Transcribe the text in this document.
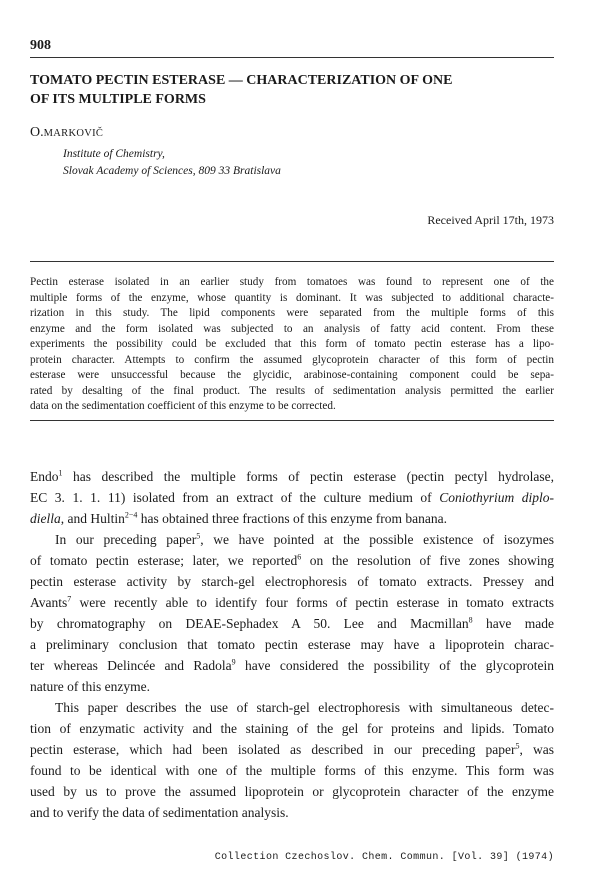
908
TOMATO PECTIN ESTERASE — CHARACTERIZATION OF ONE
OF ITS MULTIPLE FORMS
O.MARKOVIČ
Institute of Chemistry,
Slovak Academy of Sciences, 809 33 Bratislava
Received April 17th, 1973

Pectin esterase isolated in an earlier study from tomatoes was found to represent one of the
multiple forms of the enzyme, whose quantity is dominant. It was subjected to additional characte-
rization in this study. The lipid components were separated from the multiple forms of this
enzyme and the form isolated was subjected to an analysis of fatty acid content. From these
experiments the possibility could be excluded that this form of tomato pectin esterase has a lipo-
protein character. Attempts to confirm the assumed glycoprotein character of this form of pectin
esterase were unsuccessful because the glycidic, arabinose-containing component could be sepa-
rated by desalting of the final product. The results of sedimentation analysis permitted the earlier
data on the sedimentation coefficient of this enzyme to be corrected.

Endo$^1$ has described the multiple forms of pectin esterase (pectin pectyl hydrolase,
EC 3. 1. 1. 11) isolated from an extract of the culture medium of Coniothyrium diplo-
diella, and Hultin$^{2-4}$ has obtained three fractions of this enzyme from banana.
In our preceding paper$^5$, we have pointed at the possible existence of isozymes
of tomato pectin esterase; later, we reported$^6$ on the resolution of five zones showing
pectin esterase activity by starch-gel electrophoresis of tomato extracts. Pressey and
Avants$^7$ were recently able to identify four forms of pectin esterase in tomato extracts
by chromatography on DEAE-Sephadex A 50. Lee and Macmillan$^8$ have made
a preliminary conclusion that tomato pectin esterase may have a lipoprotein charac-
ter whereas Delincée and Radola$^9$ have considered the possibility of the glycoprotein
nature of this enzyme.
This paper describes the use of starch-gel electrophoresis with simultaneous detec-
tion of enzymatic activity and the staining of the gel for proteins and lipids. Tomato
pectin esterase, which had been isolated as described in our preceding paper$^5$, was
found to be identical with one of the multiple forms of this enzyme. This form was
used by us to prove the assumed lipoprotein or glycoprotein character of the enzyme
and to verify the data of sedimentation analysis.
Collection Czechoslov. Chem. Commun. [Vol. 39] (1974)
